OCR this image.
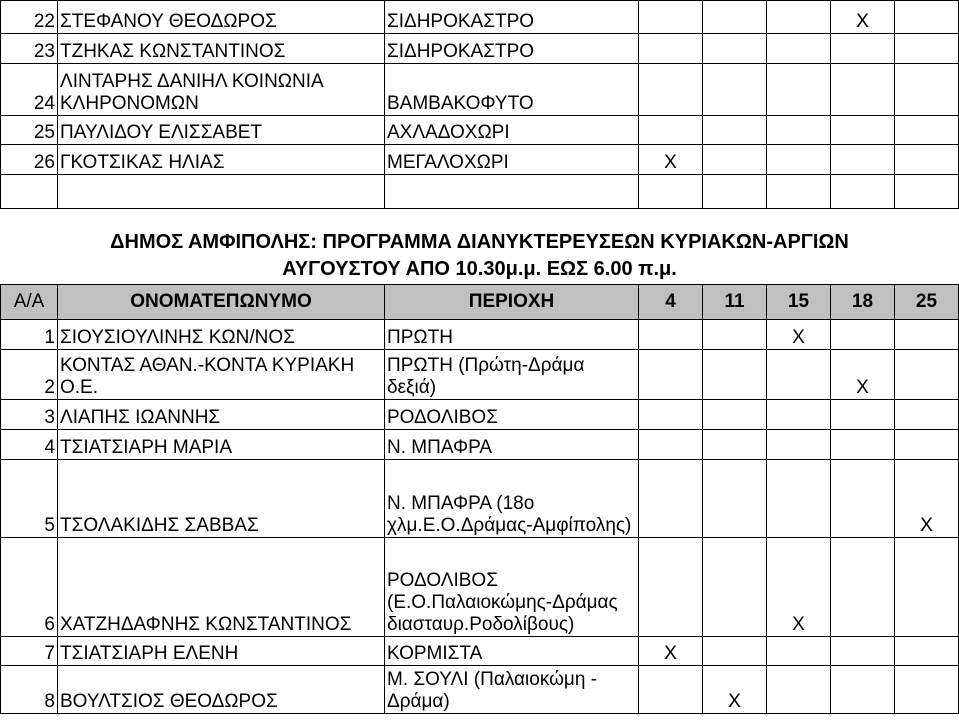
22	ΣΤΕΦΑΝΟΥ ΘΕΟΔΩΡΟΣ	ΣΙΔΗΡΟΚΑΣΤΡΟ				X	
23	ΤΖΗΚΑΣ ΚΩΝΣΤΑΝΤΙΝΟΣ	ΣΙΔΗΡΟΚΑΣΤΡΟ					
24	ΛΙΝΤΑΡΗΣ ΔΑΝΙΗΛ ΚΟΙΝΩΝΙΑ ΚΛΗΡΟΝΟΜΩΝ	ΒΑΜΒΑΚΟΦΥΤΟ					
25	ΠΑΥΛΙΔΟΥ ΕΛΙΣΣΑΒΕΤ	ΑΧΛΑΔΟΧΩΡΙ					
26	ΓΚΟΤΣΙΚΑΣ ΗΛΙΑΣ	ΜΕΓΑΛΟΧΩΡΙ	X				

ΔΗΜΟΣ ΑΜΦΙΠΟΛΗΣ: ΠΡΟΓΡΑΜΜΑ ΔΙΑΝΥΚΤΕΡΕΥΣΕΩΝ ΚΥΡΙΑΚΩΝ-ΑΡΓΙΩΝ							
ΑΥΓΟΥΣΤΟΥ ΑΠΟ 10.30μ.μ. ΕΩΣ 6.00 π.μ.							
Α/Α	ΟΝΟΜΑΤΕΠΩΝΥΜΟ	ΠΕΡΙΟΧΗ	4	11	15	18	25
1	ΣΙΟΥΣΙΟΥΛΙΝΗΣ ΚΩΝ/ΝΟΣ	ΠΡΩΤΗ			X		
2	ΚΟΝΤΑΣ ΑΘΑΝ.-ΚΟΝΤΑ ΚΥΡΙΑΚΗ Ο.Ε.	ΠΡΩΤΗ (Πρώτη-Δράμα δεξιά)				X	
3	ΛΙΑΠΗΣ ΙΩΑΝΝΗΣ	ΡΟΔΟΛΙΒΟΣ					
4	ΤΣΙΑΤΣΙΑΡΗ ΜΑΡΙΑ	Ν. ΜΠΑΦΡΑ					
5	ΤΣΟΛΑΚΙΔΗΣ ΣΑΒΒΑΣ	Ν. ΜΠΑΦΡΑ (18ο χλμ.Ε.Ο.Δράμας-Αμφίπολης)					X
6	ΧΑΤΖΗΔΑΦΝΗΣ ΚΩΝΣΤΑΝΤΙΝΟΣ	ΡΟΔΟΛΙΒΟΣ (Ε.Ο.Παλαιοκώμης-Δράμας διασταυρ.Ροδολίβους)			X		
7	ΤΣΙΑΤΣΙΑΡΗ ΕΛΕΝΗ	ΚΟΡΜΙΣΤΑ	X				
8	ΒΟΥΛΤΣΙΟΣ ΘΕΟΔΩΡΟΣ	Μ. ΣΟΥΛΙ (Παλαιοκώμη - Δράμα)		X			
